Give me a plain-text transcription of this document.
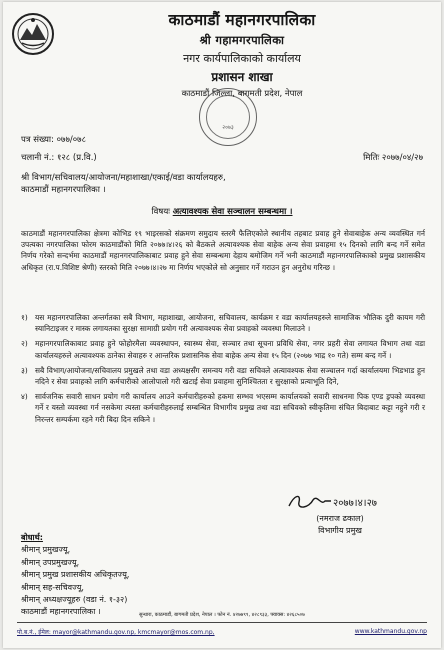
काठमाडौं महानगरपालिका
श्री गहामगरपालिका
नगर कार्यपालिकाको कार्यालय
प्रशासन शाखा
काठमाडौं जिल्ला, बागमती प्रदेश, नेपाल
२०७३
पत्र संख्या: ०७७/०७८
चलानी नं.: १२८ (प्र.वि.)	मितिः २०७७/०४/२७
श्री विभाग/सचिवालय/आयोजना/महाशाखा/एकाई/वडा कार्यालयहरु,
काठमाडौं महानगरपालिका ।
विषयः अत्यावश्यक सेवा सञ्चालन सम्बन्धमा ।
काठमाडौं महानगरपालिका क्षेत्रमा कोभिड १९ भाइरसको संक्रमण समुदाय स्तरमै फैलिएकोले स्थानीय तहबाट प्रवाह हुने सेवाबाहेक अन्य व्यवस्थित गर्न उपत्यका नगरपालिका फोरम काठमाडौंको मिति २०७७।४।२६ को बैठकले अत्यावश्यक सेवा बाहेक अन्य सेवा प्रवाहमा १५ दिनको लागि बन्द गर्ने समेत निर्णय गरेको सन्दर्भमा काठमाडौं महानगरपालिकाबाट प्रवाह हुने सेवा सम्बन्धमा देहाय बमोजिम गर्ने भनी काठमाडौं महानगरपालिकाको प्रमुख प्रशासकीय अधिकृत (रा.प.विशिष्ट श्रेणी) स्तरको मिति २०७७।४।२७ मा निर्णय भएकोले सो अनुसार गर्ने गराउन हुन अनुरोध गरिन्छ ।
१) यस महानगरपालिका अन्तर्गतका सबै विभाग, महाशाखा, आयोजना, सचिवालय, कार्यक्रम र वडा कार्यालयहरुले सामाजिक भौतिक दुरी कायम गरी स्यानिटाइजर र मास्क लगायतका सुरक्षा सामाग्री प्रयोग गरी अत्यावश्यक सेवा प्रवाहको व्यवस्था मिलाउने ।
२) महानगरपालिकाबाट प्रवाह हुने फोहोरमैला व्यवस्थापन, स्वास्थ्य सेवा, सञ्चार तथा सूचना प्रविधि सेवा, नगर प्रहरी सेवा लगायत विभाग तथा वडा कार्यालयहरुले अत्यावश्यक ठानेका सेवाहरु र आन्तरिक प्रशासनिक सेवा बाहेक अन्य सेवा १५ दिन (२०७७ भाद्र १० गते) सम्म बन्द गर्ने ।
३) सबै विभाग/आयोजना/सचिवालय प्रमुखले तथा वडा अध्यक्षसँग समन्वय गरी वडा सचिवले अत्यावश्यक सेवा सञ्चालन गर्दा कार्यालयमा भिडभाड हुन नदिने र सेवा प्रवाहको लागि कर्मचारीको आलोपालो गरी खटाई सेवा प्रवाहमा सुनिश्चितता र सुरक्षाको प्रत्याभूति दिने,
४) सार्वजनिक सवारी साधन प्रयोग गरी कार्यालय आउने कर्मचारीहरुको हकमा सम्भव भएसम्म कार्यालयको सवारी साधनमा पिक एण्ड ड्रपको व्यवस्था गर्ने र यस्तो व्यवस्था गर्न नसकेमा त्यस्ता कर्मचारीहरुलाई सम्बन्धित विभागीय प्रमुख तथा वडा सचिवको स्वीकृतिमा संचित बिदाबाट कट्टा नहुने गरी र निरन्तर सम्पर्कमा रहने गरी बिदा दिन सकिने ।
२०७७।४।२७
(नमराज ढकाल)
विभागीय प्रमुख
बोधार्थ:
श्रीमान् प्रमुखज्यू,
श्रीमान् उपप्रमुखज्यू,
श्रीमान् प्रमुख प्रशासकीय अधिकृतज्यू,
श्रीमान् सह-सचिवज्यू,
श्रीमान् अध्यक्षज्यूहरु (वडा नं. १-३२)
काठमाडौं महानगरपालिका ।	सुन्धारा, काठमाडौं, बागमती प्रदेश, नेपाल । फोन नं. ४२७७९९, ४२८९३३, फ्याक्स: ४२६८५०७
पो.ब.नं., ईमेल: mayor@kathmandu.gov.np, kmcmayor@mos.com.np,	www.kathmandu.gov.np
